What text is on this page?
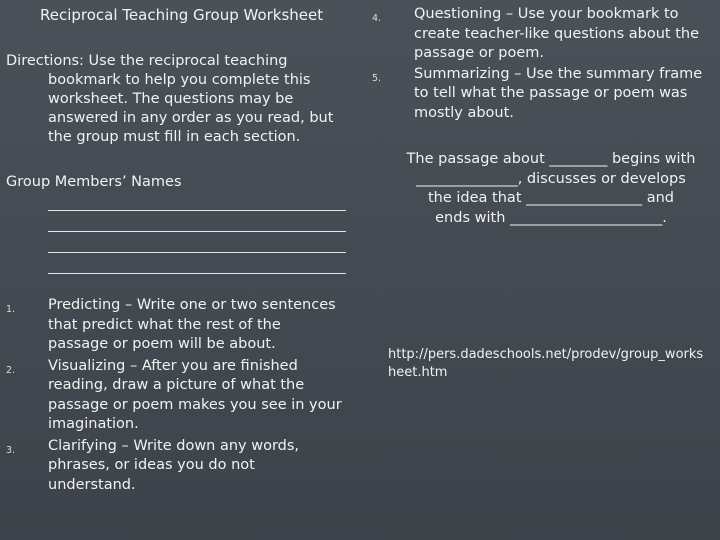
Reciprocal Teaching Group Worksheet
Directions: Use the reciprocal teaching
bookmark to help you complete this worksheet. The questions may be answered in any order as you read, but the group must fill in each section.
Group Members’ Names
1. Predicting – Write one or two sentences that predict what the rest of the passage or poem will be about.
2. Visualizing – After you are finished reading, draw a picture of what the passage or poem makes you see in your imagination.
3. Clarifying – Write down any words, phrases, or ideas you do not understand.
4. Questioning – Use your bookmark to create teacher-like questions about the passage or poem.
5. Summarizing – Use the summary frame to tell what the passage or poem was mostly about.
The passage about ________ begins with
______________, discusses or develops
the idea that ________________ and
ends with _____________________.
http://pers.dadeschools.net/prodev/group_worksheet.htm
